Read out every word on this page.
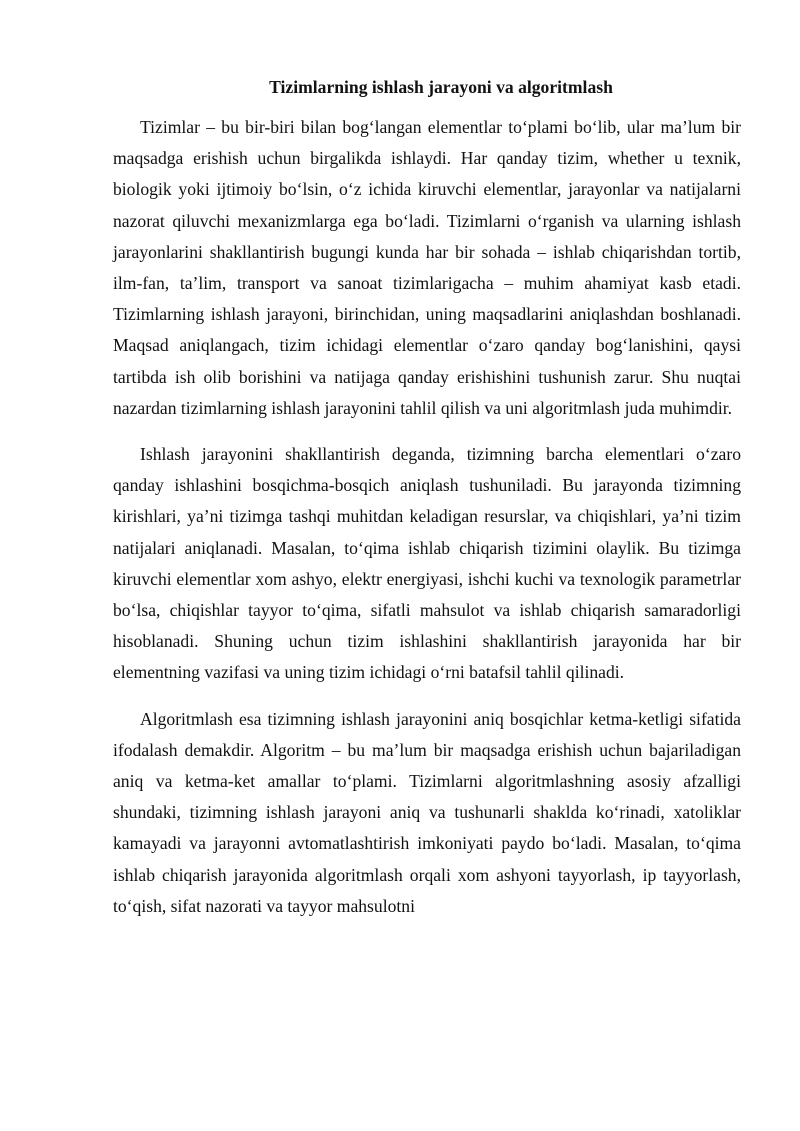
Tizimlarning ishlash jarayoni va algoritmlash

Tizimlar – bu bir-biri bilan bog‘langan elementlar to‘plami bo‘lib, ular ma’lum bir maqsadga erishish uchun birgalikda ishlaydi. Har qanday tizim, whether u texnik, biologik yoki ijtimoiy bo‘lsin, o‘z ichida kiruvchi elementlar, jarayonlar va natijalarni nazorat qiluvchi mexanizmlarga ega bo‘ladi. Tizimlarni o‘rganish va ularning ishlash jarayonlarini shakllantirish bugungi kunda har bir sohada – ishlab chiqarishdan tortib, ilm-fan, ta’lim, transport va sanoat tizimlarigacha – muhim ahamiyat kasb etadi. Tizimlarning ishlash jarayoni, birinchidan, uning maqsadlarini aniqlashdan boshlanadi. Maqsad aniqlangach, tizim ichidagi elementlar o‘zaro qanday bog‘lanishini, qaysi tartibda ish olib borishini va natijaga qanday erishishini tushunish zarur. Shu nuqtai nazardan tizimlarning ishlash jarayonini tahlil qilish va uni algoritmlash juda muhimdir.

Ishlash jarayonini shakllantirish deganda, tizimning barcha elementlari o‘zaro qanday ishlashini bosqichma-bosqich aniqlash tushuniladi. Bu jarayonda tizimning kirishlari, ya’ni tizimga tashqi muhitdan keladigan resurslar, va chiqishlari, ya’ni tizim natijalari aniqlanadi. Masalan, to‘qima ishlab chiqarish tizimini olaylik. Bu tizimga kiruvchi elementlar xom ashyo, elektr energiyasi, ishchi kuchi va texnologik parametrlar bo‘lsa, chiqishlar tayyor to‘qima, sifatli mahsulot va ishlab chiqarish samaradorligi hisoblanadi. Shuning uchun tizim ishlashini shakllantirish jarayonida har bir elementning vazifasi va uning tizim ichidagi o‘rni batafsil tahlil qilinadi.

Algoritmlash esa tizimning ishlash jarayonini aniq bosqichlar ketma-ketligi sifatida ifodalash demakdir. Algoritm – bu ma’lum bir maqsadga erishish uchun bajariladigan aniq va ketma-ket amallar to‘plami. Tizimlarni algoritmlashning asosiy afzalligi shundaki, tizimning ishlash jarayoni aniq va tushunarli shaklda ko‘rinadi, xatoliklar kamayadi va jarayonni avtomatlashtirish imkoniyati paydo bo‘ladi. Masalan, to‘qima ishlab chiqarish jarayonida algoritmlash orqali xom ashyoni tayyorlash, ip tayyorlash, to‘qish, sifat nazorati va tayyor mahsulotni
